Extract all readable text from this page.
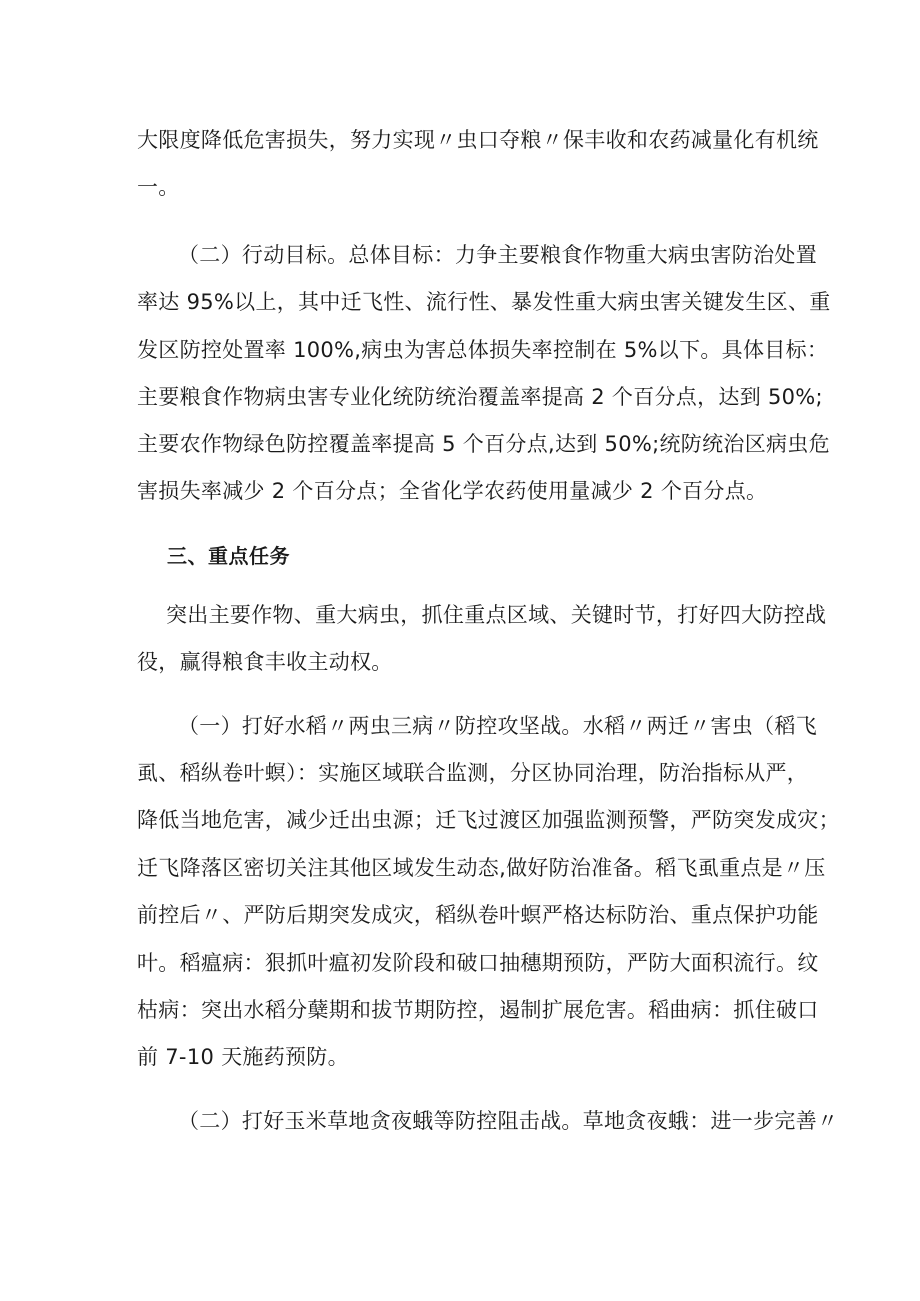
大限度降低危害损失，努力实现〃虫口夺粮〃保丰收和农药减量化有机统
一。
（二）行动目标。总体目标：力争主要粮食作物重大病虫害防治处置
率达 95%以上，其中迁飞性、流行性、暴发性重大病虫害关键发生区、重
发区防控处置率 100%,病虫为害总体损失率控制在 5%以下。具体目标：
主要粮食作物病虫害专业化统防统治覆盖率提高 2 个百分点，达到 50%;
主要农作物绿色防控覆盖率提高 5 个百分点,达到 50%;统防统治区病虫危
害损失率减少 2 个百分点；全省化学农药使用量减少 2 个百分点。
三、重点任务
突出主要作物、重大病虫，抓住重点区域、关键时节，打好四大防控战
役，赢得粮食丰收主动权。
（一）打好水稻〃两虫三病〃防控攻坚战。水稻〃两迁〃害虫（稻飞
虱、稻纵卷叶螟）：实施区域联合监测，分区协同治理，防治指标从严，
降低当地危害，减少迁出虫源；迁飞过渡区加强监测预警，严防突发成灾；
迁飞降落区密切关注其他区域发生动态,做好防治准备。稻飞虱重点是〃压
前控后〃、严防后期突发成灾，稻纵卷叶螟严格达标防治、重点保护功能
叶。稻瘟病：狠抓叶瘟初发阶段和破口抽穗期预防，严防大面积流行。纹
枯病：突出水稻分蘖期和拔节期防控，遏制扩展危害。稻曲病：抓住破口
前 7-10 天施药预防。
（二）打好玉米草地贪夜蛾等防控阻击战。草地贪夜蛾：进一步完善〃
